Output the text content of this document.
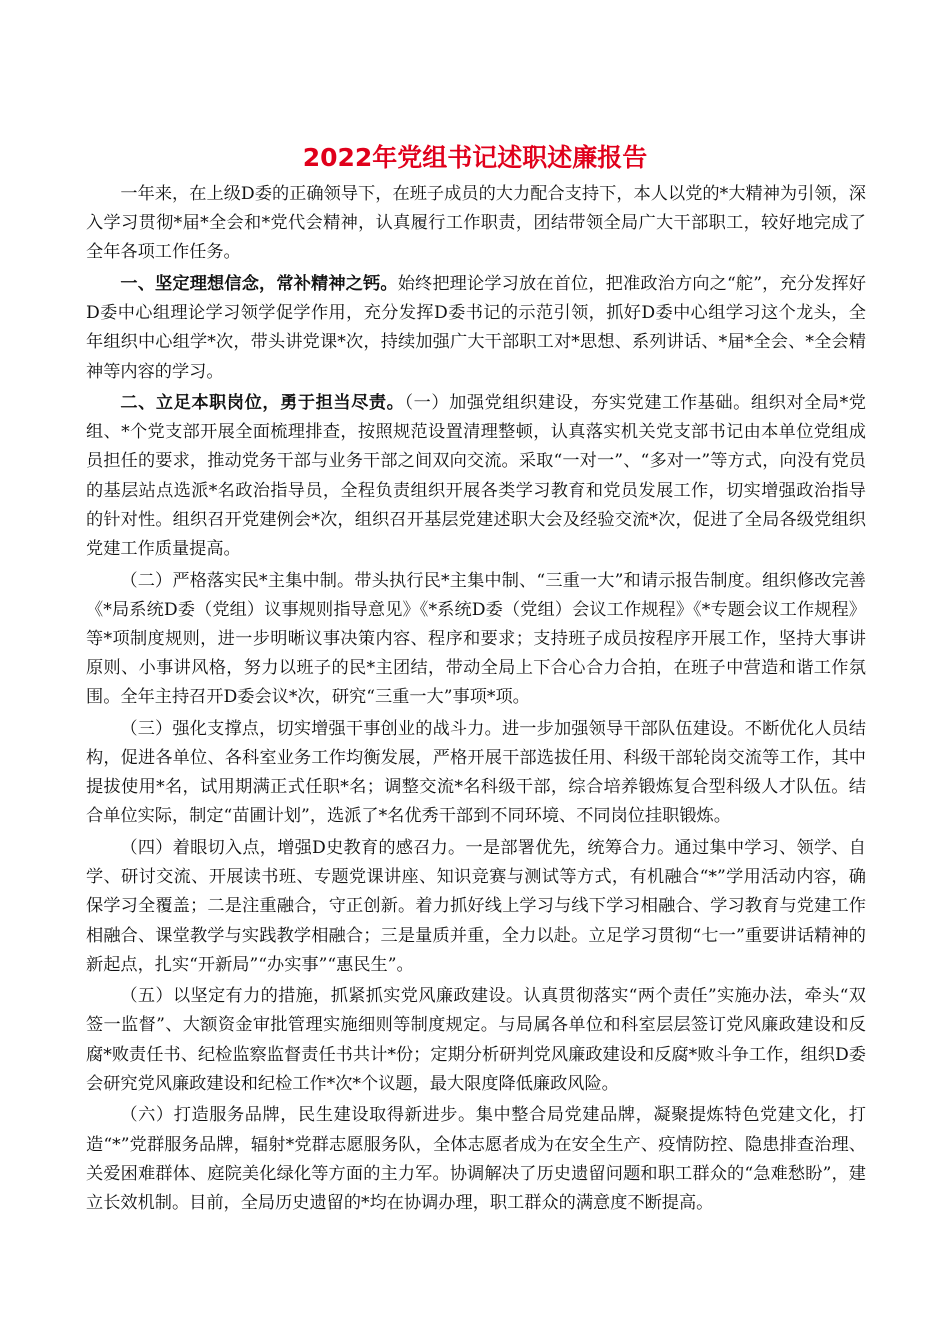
2022年党组书记述职述廉报告

一年来，在上级D委的正确领导下，在班子成员的大力配合支持下，本人以党的*大精神为引领，深入学习贯彻*届*全会和*党代会精神，认真履行工作职责，团结带领全局广大干部职工，较好地完成了全年各项工作任务。

一、坚定理想信念，常补精神之钙。始终把理论学习放在首位，把准政治方向之“舵”，充分发挥好D委中心组理论学习领学促学作用，充分发挥D委书记的示范引领，抓好D委中心组学习这个龙头，全年组织中心组学*次，带头讲党课*次，持续加强广大干部职工对*思想、系列讲话、*届*全会、*全会精神等内容的学习。

二、立足本职岗位，勇于担当尽责。（一）加强党组织建设，夯实党建工作基础。组织对全局*党组、*个党支部开展全面梳理排查，按照规范设置清理整顿，认真落实机关党支部书记由本单位党组成员担任的要求，推动党务干部与业务干部之间双向交流。采取“一对一”、“多对一”等方式，向没有党员的基层站点选派*名政治指导员，全程负责组织开展各类学习教育和党员发展工作，切实增强政治指导的针对性。组织召开党建例会*次，组织召开基层党建述职大会及经验交流*次，促进了全局各级党组织党建工作质量提高。

（二）严格落实民*主集中制。带头执行民*主集中制、“三重一大”和请示报告制度。组织修改完善《*局系统D委（党组）议事规则指导意见》《*系统D委（党组）会议工作规程》《*专题会议工作规程》等*项制度规则，进一步明晰议事决策内容、程序和要求；支持班子成员按程序开展工作，坚持大事讲原则、小事讲风格，努力以班子的民*主团结，带动全局上下合心合力合拍，在班子中营造和谐工作氛围。全年主持召开D委会议*次，研究“三重一大”事项*项。

（三）强化支撑点，切实增强干事创业的战斗力。进一步加强领导干部队伍建设。不断优化人员结构，促进各单位、各科室业务工作均衡发展，严格开展干部选拔任用、科级干部轮岗交流等工作，其中提拔使用*名，试用期满正式任职*名；调整交流*名科级干部，综合培养锻炼复合型科级人才队伍。结合单位实际，制定“苗圃计划”，选派了*名优秀干部到不同环境、不同岗位挂职锻炼。

（四）着眼切入点，增强D史教育的感召力。一是部署优先，统筹合力。通过集中学习、领学、自学、研讨交流、开展读书班、专题党课讲座、知识竞赛与测试等方式，有机融合“*”学用活动内容，确保学习全覆盖；二是注重融合，守正创新。着力抓好线上学习与线下学习相融合、学习教育与党建工作相融合、课堂教学与实践教学相融合；三是量质并重，全力以赴。立足学习贯彻“七一”重要讲话精神的新起点，扎实“开新局”“办实事”“惠民生”。

（五）以坚定有力的措施，抓紧抓实党风廉政建设。认真贯彻落实“两个责任”实施办法，牵头“双签一监督”、大额资金审批管理实施细则等制度规定。与局属各单位和科室层层签订党风廉政建设和反腐*败责任书、纪检监察监督责任书共计*份；定期分析研判党风廉政建设和反腐*败斗争工作，组织D委会研究党风廉政建设和纪检工作*次*个议题，最大限度降低廉政风险。

（六）打造服务品牌，民生建设取得新进步。集中整合局党建品牌，凝聚提炼特色党建文化，打造“*”党群服务品牌，辐射*党群志愿服务队，全体志愿者成为在安全生产、疫情防控、隐患排查治理、关爱困难群体、庭院美化绿化等方面的主力军。协调解决了历史遗留问题和职工群众的“急难愁盼”，建立长效机制。目前，全局历史遗留的*均在协调办理，职工群众的满意度不断提高。
